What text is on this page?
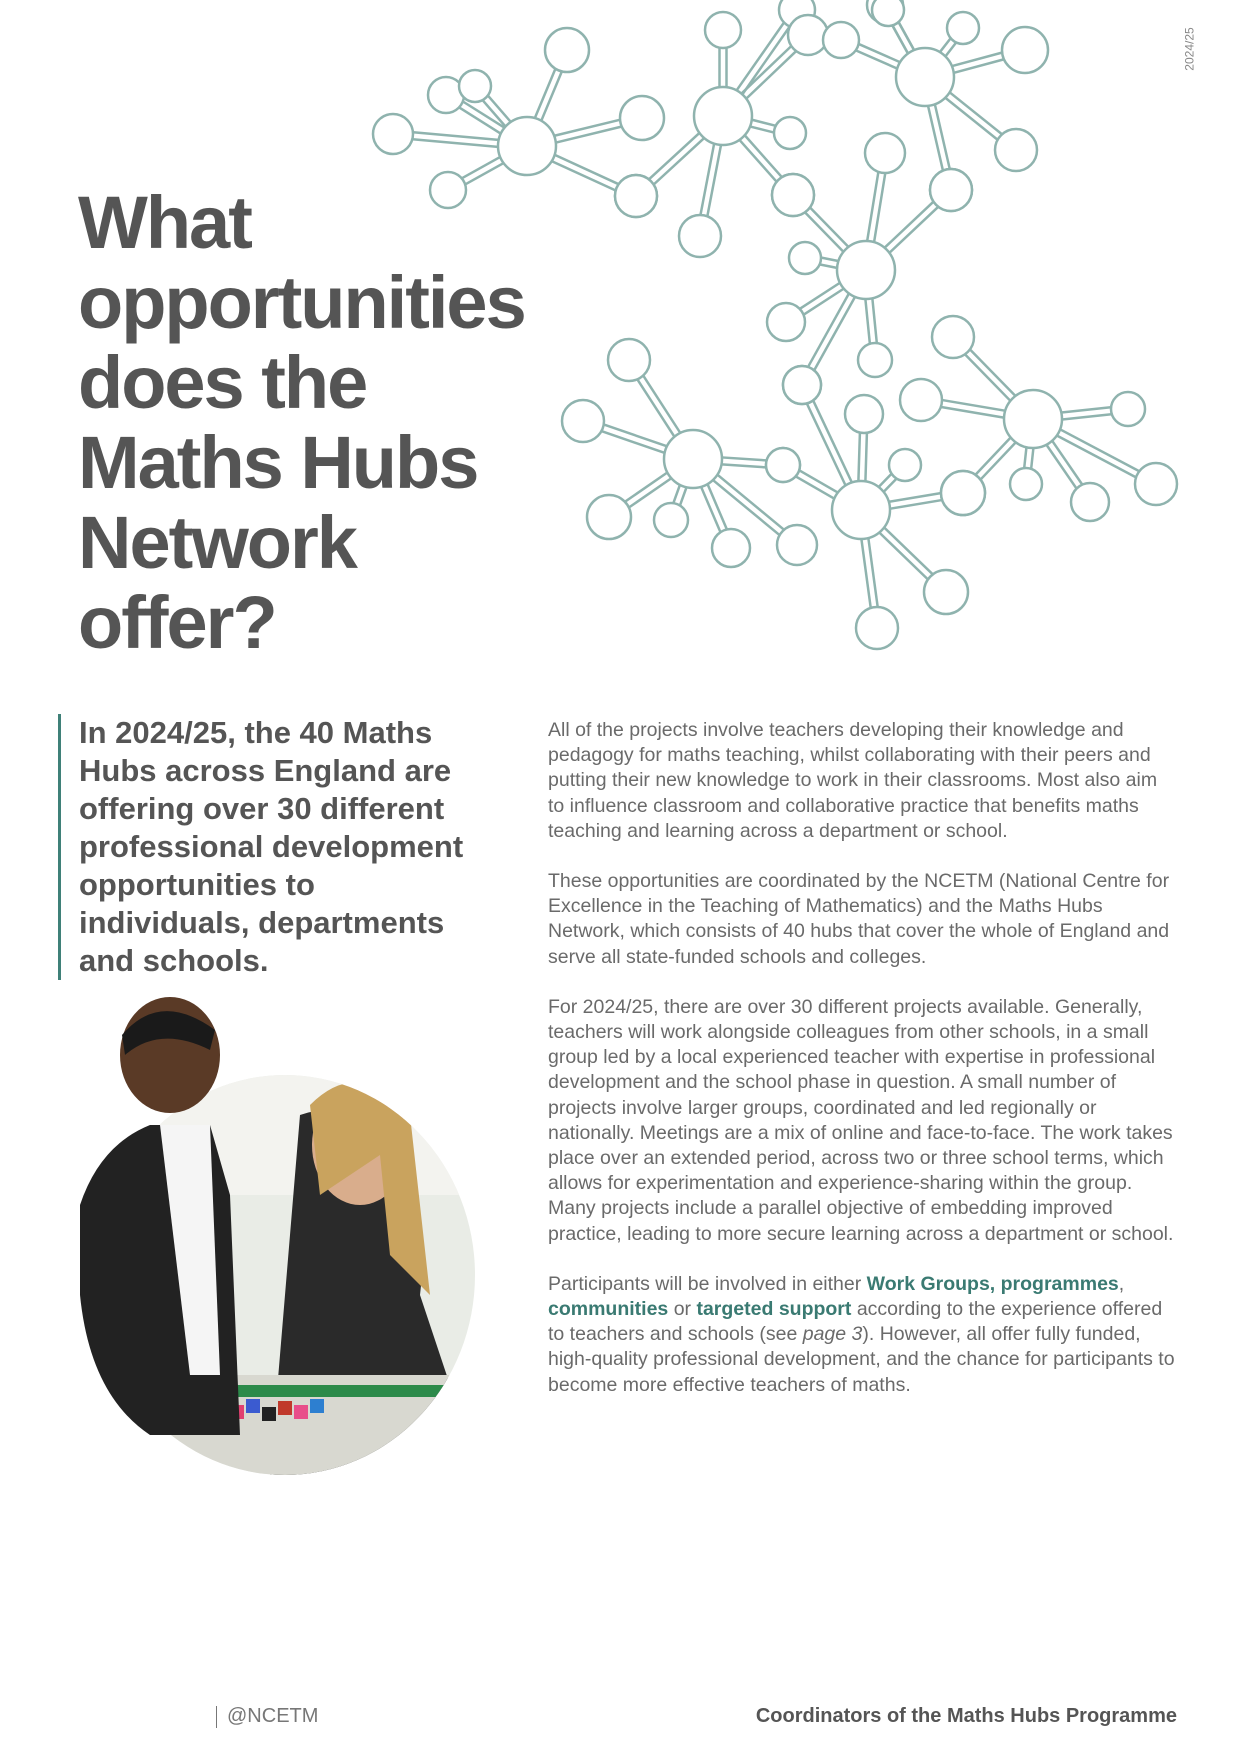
2024/25
What opportunities does the Maths Hubs Network offer?
In 2024/25, the 40 Maths Hubs across England are offering over 30 different professional development opportunities to individuals, departments and schools.

All of the projects involve teachers developing their knowledge and pedagogy for maths teaching, whilst collaborating with their peers and putting their new knowledge to work in their classrooms. Most also aim to influence classroom and collaborative practice that benefits maths teaching and learning across a department or school.

These opportunities are coordinated by the NCETM (National Centre for Excellence in the Teaching of Mathematics) and the Maths Hubs Network, which consists of 40 hubs that cover the whole of England and serve all state-funded schools and colleges.

For 2024/25, there are over 30 different projects available. Generally, teachers will work alongside colleagues from other schools, in a small group led by a local experienced teacher with expertise in professional development and the school phase in question. A small number of projects involve larger groups, coordinated and led regionally or nationally. Meetings are a mix of online and face-to-face. The work takes place over an extended period, across two or three school terms, which allows for experimentation and experience-sharing within the group. Many projects include a parallel objective of embedding improved practice, leading to more secure learning across a department or school.

Participants will be involved in either Work Groups, programmes, communities or targeted support according to the experience offered to teachers and schools (see page 3). However, all offer fully funded, high-quality professional development, and the chance for participants to become more effective teachers of maths.

@NCETM	Coordinators of the Maths Hubs Programme
